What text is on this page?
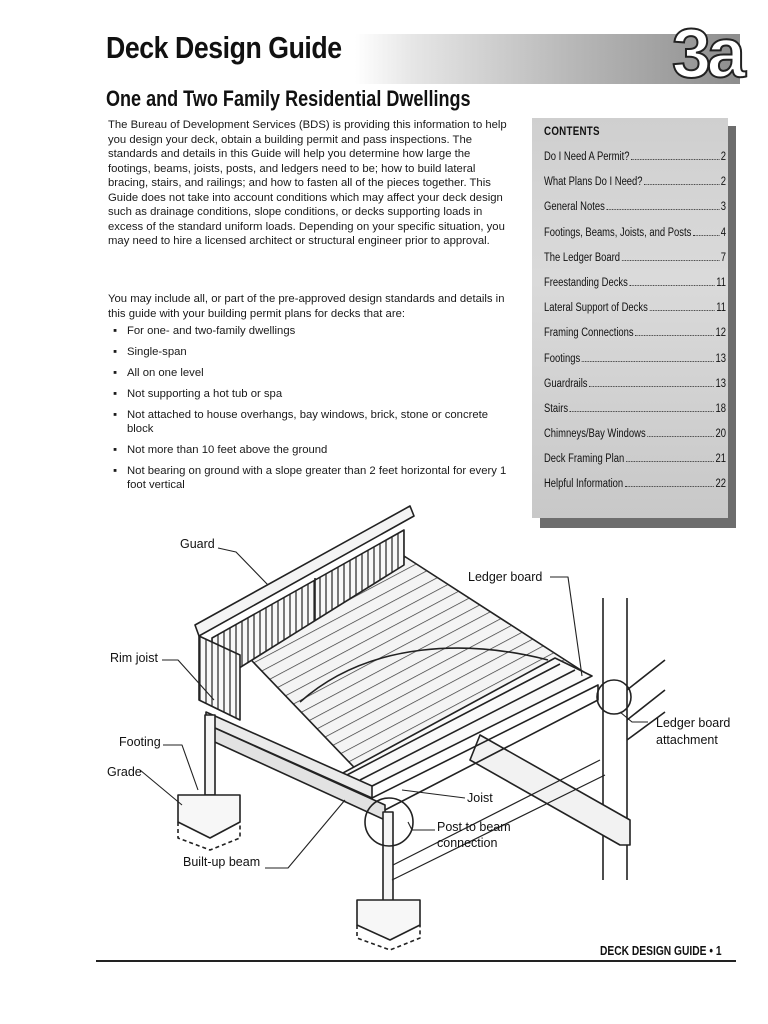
Deck Design Guide	3a
One and Two Family Residential Dwellings

The Bureau of Development Services (BDS) is providing this information to help you design your deck, obtain a building permit and pass inspections. The standards and details in this Guide will help you determine how large the footings, beams, joists, posts, and ledgers need to be; how to build lateral bracing, stairs, and railings; and how to fasten all of the pieces together. This Guide does not take into account conditions which may affect your deck design such as drainage conditions, slope conditions, or decks supporting loads in excess of the standard uniform loads. Depending on your specific situation, you may need to hire a licensed architect or structural engineer prior to approval.

You may include all, or part of the pre-approved design standards and details in this guide with your building permit plans for decks that are:

▪ For one- and two-family dwellings
▪ Single-span
▪ All on one level
▪ Not supporting a hot tub or spa
▪ Not attached to house overhangs, bay windows, brick, stone or concrete block
▪ Not more than 10 feet above the ground
▪ Not bearing on ground with a slope greater than 2 feet horizontal for every 1 foot vertical
CONTENTS
Do I Need A Permit?	2
What Plans Do I Need?	2
General Notes	3
Footings, Beams, Joists, and Posts	4
The Ledger Board	7
Freestanding Decks	11
Lateral Support of Decks	11
Framing Connections	12
Footings	13
Guardrails	13
Stairs	18
Chimneys/Bay Windows	20
Deck Framing Plan	21
Helpful Information	22
Guard
Ledger board
Rim joist
Ledger board
attachment
Footing
Grade
Joist
Post to beam
connection
Built-up beam
DECK DESIGN GUIDE • 1
